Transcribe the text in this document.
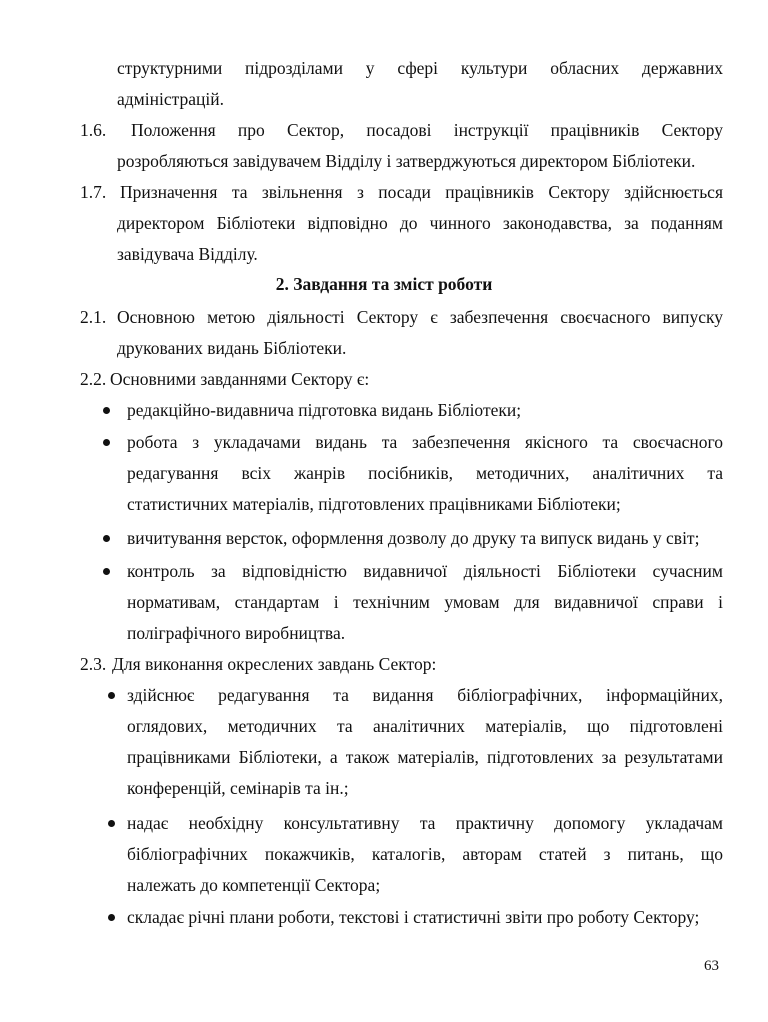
структурними підрозділами у сфері культури обласних державних
адміністрацій.
1.6. Положення про Сектор, посадові інструкції працівників Сектору
розробляються завідувачем Відділу і затверджуються директором Бібліотеки.
1.7. Призначення та звільнення з посади працівників Сектору здійснюється
директором Бібліотеки відповідно до чинного законодавства, за поданням
завідувача Відділу.
2. Завдання та зміст роботи
2.1. Основною метою діяльності Сектору є забезпечення своєчасного випуску
друкованих видань Бібліотеки.
2.2. Основними завданнями Сектору є:
редакційно-видавнича підготовка видань Бібліотеки;
робота з укладачами видань та забезпечення якісного та своєчасного
редагування всіх жанрів посібників, методичних, аналітичних та
статистичних матеріалів, підготовлених працівниками Бібліотеки;
вичитування версток, оформлення дозволу до друку та випуск видань у світ;
контроль за відповідністю видавничої діяльності Бібліотеки сучасним
нормативам, стандартам і технічним умовам для видавничої справи і
поліграфічного виробництва.
2.3. Для виконання окреслених завдань Сектор:
здійснює редагування та видання бібліографічних, інформаційних,
оглядових, методичних та аналітичних матеріалів, що підготовлені
працівниками Бібліотеки, а також матеріалів, підготовлених за результатами
конференцій, семінарів та ін.;
надає необхідну консультативну та практичну допомогу укладачам
бібліографічних покажчиків, каталогів, авторам статей з питань, що
належать до компетенції Сектора;
складає річні плани роботи, текстові і статистичні звіти про роботу Сектору;
63
